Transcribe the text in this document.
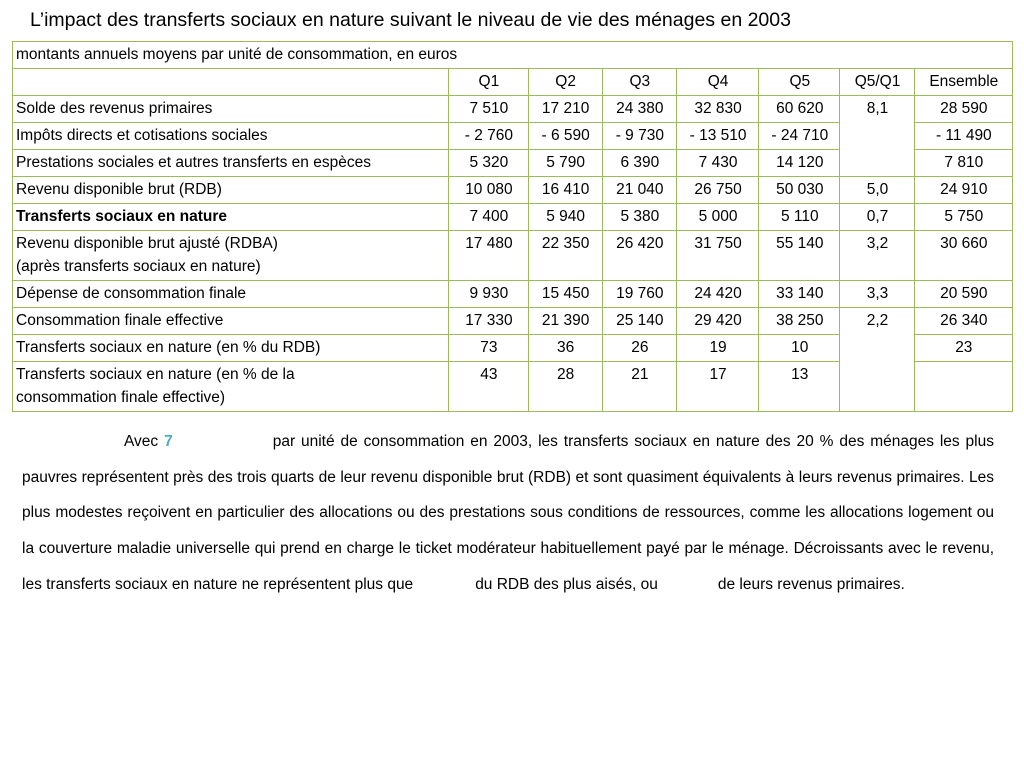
L’impact des transferts sociaux en nature suivant le niveau de vie des ménages en 2003
montants annuels moyens par unité de consommation, en euros							
	Q1	Q2	Q3	Q4	Q5	Q5/Q1	Ensemble
Solde des revenus primaires	7 510	17 210	24 380	32 830	60 620	8,1	28 590
Impôts directs et cotisations sociales	- 2 760	- 6 590	- 9 730	- 13 510	- 24 710		- 11 490
Prestations sociales et autres transferts en espèces	5 320	5 790	6 390	7 430	14 120		7 810
Revenu disponible brut (RDB)	10 080	16 410	21 040	26 750	50 030	5,0	24 910
Transferts sociaux en nature	7 400	5 940	5 380	5 000	5 110	0,7	5 750
Revenu disponible brut ajusté (RDBA)
(après transferts sociaux en nature)	17 480	22 350	26 420	31 750	55 140	3,2	30 660
Dépense de consommation finale	9 930	15 450	19 760	24 420	33 140	3,3	20 590
Consommation finale effective	17 330	21 390	25 140	29 420	38 250	2,2	26 340
Transferts sociaux en nature (en % du RDB)	73	36	26	19	10		23
Transferts sociaux en nature (en % de la
consommation finale effective)	43	28	21	17	13		
Avec 7	par unité de consommation en 2003, les transferts sociaux en nature des 20 % des ménages les plus pauvres représentent près des trois quarts de leur revenu disponible brut (RDB) et sont quasiment équivalents à leurs revenus primaires. Les plus modestes reçoivent en particulier des allocations ou des prestations sous conditions de ressources, comme les allocations logement ou la couverture maladie universelle qui prend en charge le ticket modérateur habituellement payé par le ménage. Décroissants avec le revenu, les transferts sociaux en nature ne représentent plus que	du RDB des plus aisés, ou	de leurs revenus primaires.
